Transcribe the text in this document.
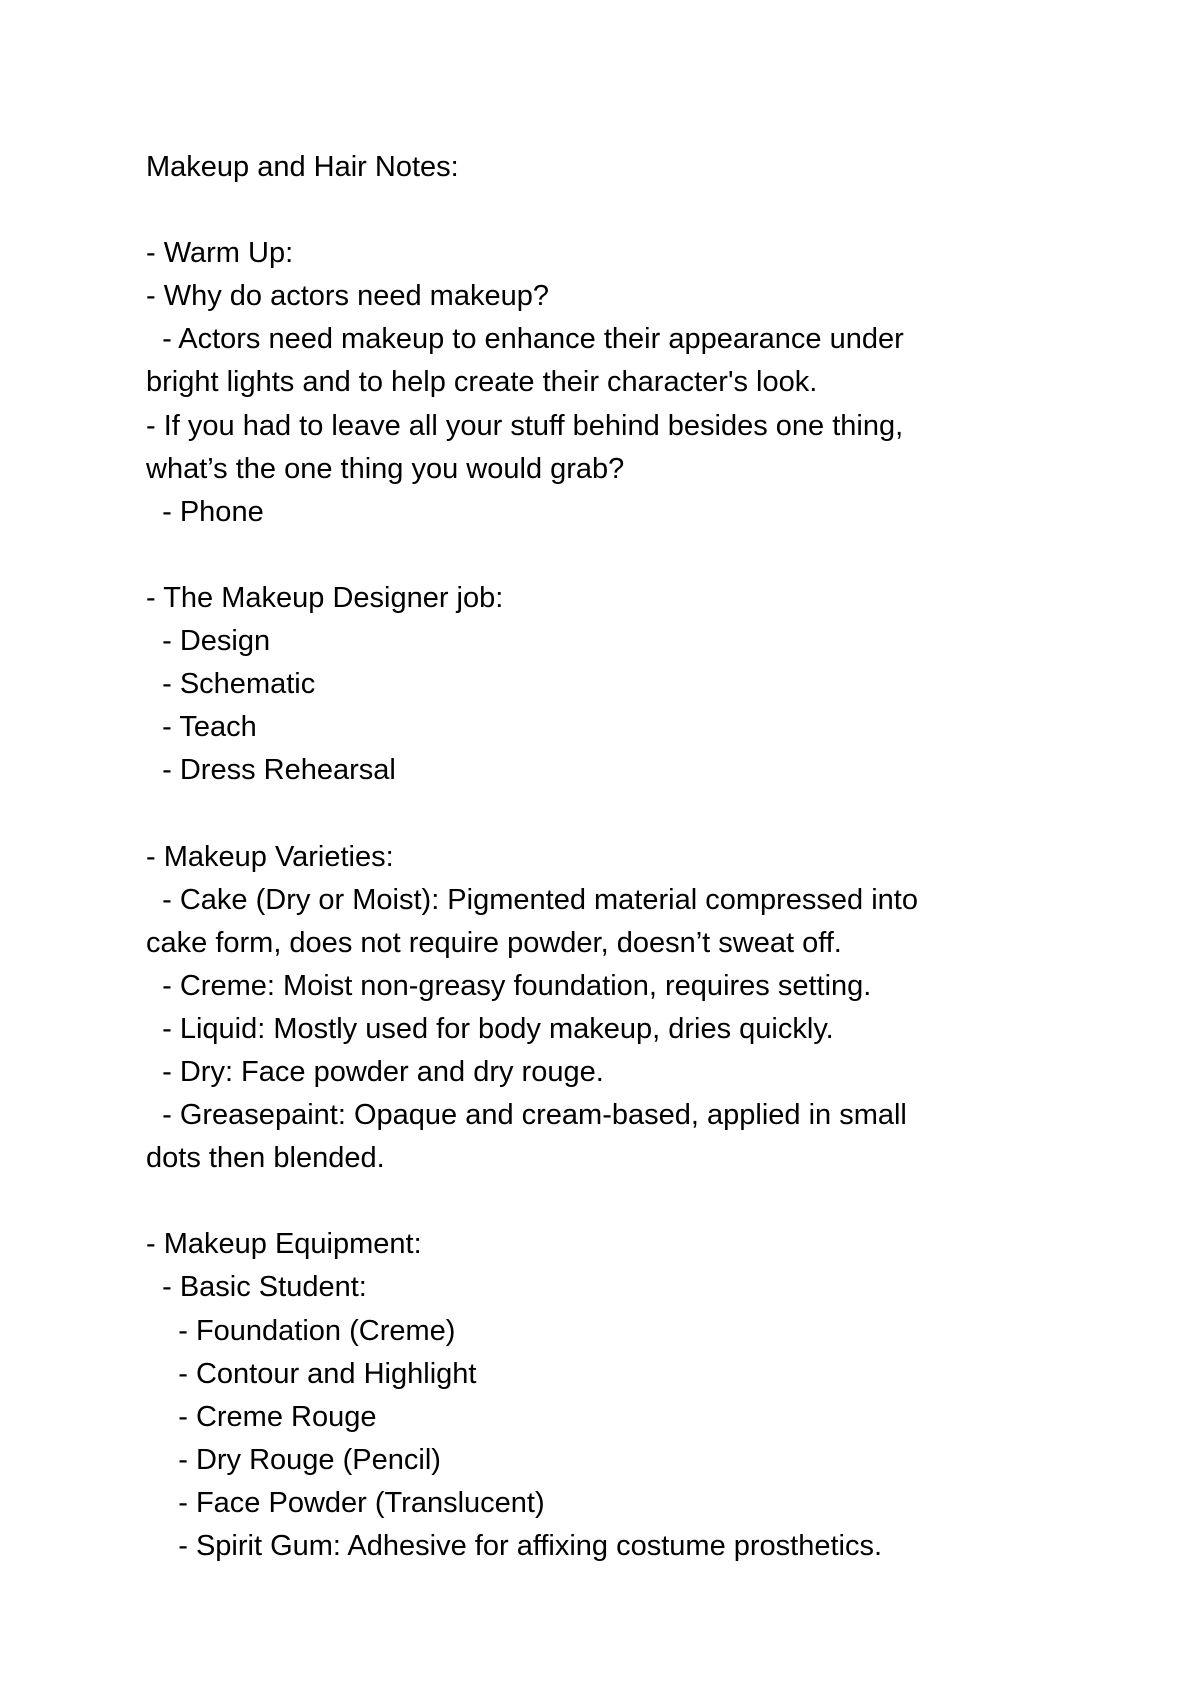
Makeup and Hair Notes:

- Warm Up:

- Why do actors need makeup?

- Actors need makeup to enhance their appearance under

bright lights and to help create their character's look.

- If you had to leave all your stuff behind besides one thing,

what’s the one thing you would grab?

- Phone

- The Makeup Designer job:

- Design

- Schematic

- Teach

- Dress Rehearsal

- Makeup Varieties:

- Cake (Dry or Moist): Pigmented material compressed into

cake form, does not require powder, doesn’t sweat off.

- Creme: Moist non-greasy foundation, requires setting.

- Liquid: Mostly used for body makeup, dries quickly.

- Dry: Face powder and dry rouge.

- Greasepaint: Opaque and cream-based, applied in small

dots then blended.

- Makeup Equipment:

- Basic Student:

- Foundation (Creme)

- Contour and Highlight

- Creme Rouge

- Dry Rouge (Pencil)

- Face Powder (Translucent)

- Spirit Gum: Adhesive for affixing costume prosthetics.
